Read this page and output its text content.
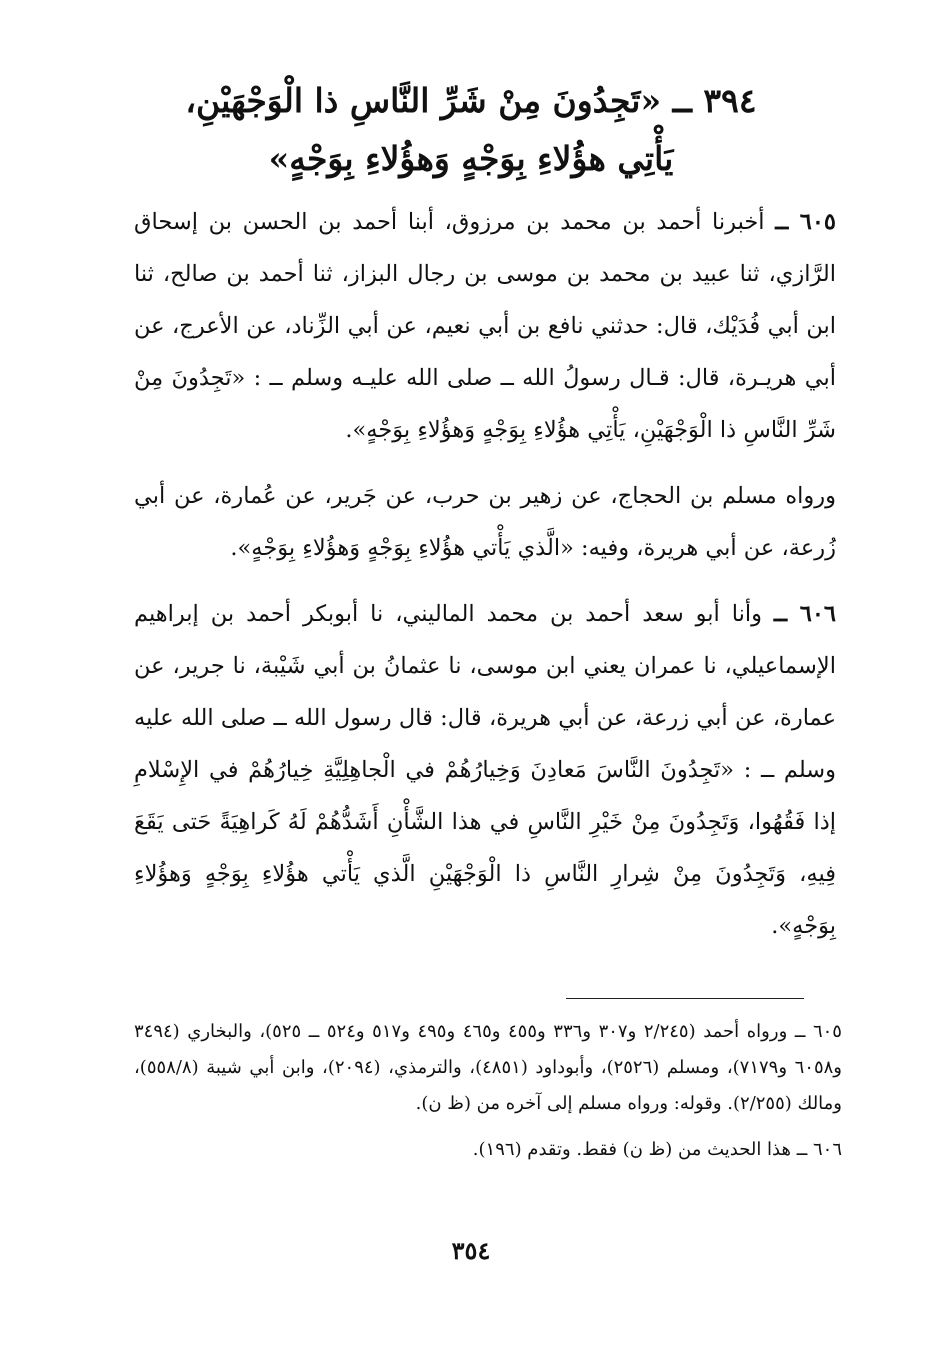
٣٩٤ ــ «تَجِدُونَ مِنْ شَرِّ النَّاسِ ذا الْوَجْهَيْنِ،
يَأْتِي هؤُلاءِ بِوَجْهٍ وَهؤُلاءِ بِوَجْهٍ»

٦٠٥ ــ أخبرنا أحمد بن محمد بن مرزوق، أبنا أحمد بن الحسن بن إسحاق الرَّازي، ثنا عبيد بن محمد بن موسى بن رجال البزاز، ثنا أحمد بن صالح، ثنا ابن أبي فُدَيْك، قال: حدثني نافع بن أبي نعيم، عن أبي الزِّناد، عن الأعرج، عن أبي هريـرة، قال: قـال رسولُ الله ــ صلى الله عليـه وسلم ــ : «تَجِدُونَ مِنْ شَرِّ النَّاسِ ذا الْوَجْهَيْنِ، يَأْتِي هؤُلاءِ بِوَجْهٍ وَهؤُلاءِ بِوَجْهٍ».

ورواه مسلم بن الحجاج، عن زهير بن حرب، عن جَرير، عن عُمارة، عن أبي زُرعة، عن أبي هريرة، وفيه: «الَّذي يَأْتي هؤُلاءِ بِوَجْهٍ وَهؤُلاءِ بِوَجْهٍ».

٦٠٦ ــ وأنا أبو سعد أحمد بن محمد الماليني، نا أبوبكر أحمد بن إبراهيم الإسماعيلي، نا عمران يعني ابن موسى، نا عثمانُ بن أبي شَيْبة، نا جرير، عن عمارة، عن أبي زرعة، عن أبي هريرة، قال: قال رسول الله ــ صلى الله عليه وسلم ــ : «تَجِدُونَ النَّاسَ مَعادِنَ وَخِيارُهُمْ في الْجاهِلِيَّةِ خِيارُهُمْ في الإِسْلامِ إذا فَقُهُوا، وَتَجِدُونَ مِنْ خَيْرِ النَّاسِ في هذا الشَّأْنِ أَشَدُّهُمْ لَهُ كَراهِيَةً حَتى يَقَعَ فِيهِ، وَتَجِدُونَ مِنْ شِرارِ النَّاسِ ذا الْوَجْهَيْنِ الَّذي يَأْتي هؤُلاءِ بِوَجْهٍ وَهؤُلاءِ بِوَجْهٍ».

٦٠٥ ــ ورواه أحمد (٢/٢٤٥ و٣٠٧ و٣٣٦ و٤٥٥ و٤٦٥ و٤٩٥ و٥١٧ و٥٢٤ ــ ٥٢٥)، والبخاري (٣٤٩٤ و٦٠٥٨ و٧١٧٩)، ومسلم (٢٥٢٦)، وأبوداود (٤٨٥١)، والترمذي، (٢٠٩٤)، وابن أبي شيبة (٥٥٨/٨)، ومالك (٢/٢٥٥). وقوله: ورواه مسلم إلى آخره من (ظ ن).

٦٠٦ ــ هذا الحديث من (ظ ن) فقط. وتقدم (١٩٦).

٣٥٤
